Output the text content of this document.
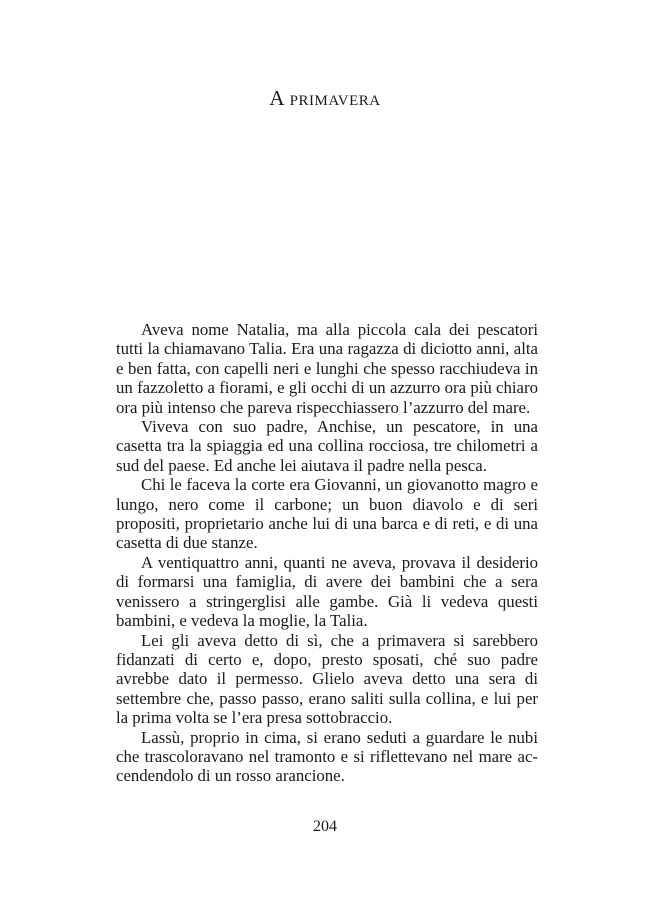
A primavera

Aveva nome Natalia, ma alla piccola cala dei pescatori tutti la chiamavano Talia. Era una ragazza di diciotto anni, alta e ben fatta, con capelli neri e lunghi che spesso racchiudeva in un fazzoletto a fiorami, e gli occhi di un azzurro ora più chiaro ora più intenso che pareva rispecchiassero l’azzurro del mare.

Viveva con suo padre, Anchise, un pescatore, in una casetta tra la spiaggia ed una collina rocciosa, tre chilometri a sud del paese. Ed anche lei aiutava il padre nella pesca.

Chi le faceva la corte era Giovanni, un giovanotto magro e lungo, nero come il carbone; un buon diavolo e di seri propositi, proprietario anche lui di una barca e di reti, e di una casetta di due stanze.

A ventiquattro anni, quanti ne aveva, provava il desiderio di formarsi una famiglia, di avere dei bambini che a sera venissero a stringerglisi alle gambe. Già li vedeva questi bambini, e vedeva la moglie, la Talia.

Lei gli aveva detto di sì, che a primavera si sarebbero fidanzati di certo e, dopo, presto sposati, ché suo padre avrebbe dato il permesso. Glielo aveva detto una sera di settembre che, passo passo, erano saliti sulla collina, e lui per la prima volta se l’era presa sottobraccio.

Lassù, proprio in cima, si erano seduti a guardare le nubi che trascoloravano nel tramonto e si riflettevano nel mare accendendolo di un rosso arancione.

204
